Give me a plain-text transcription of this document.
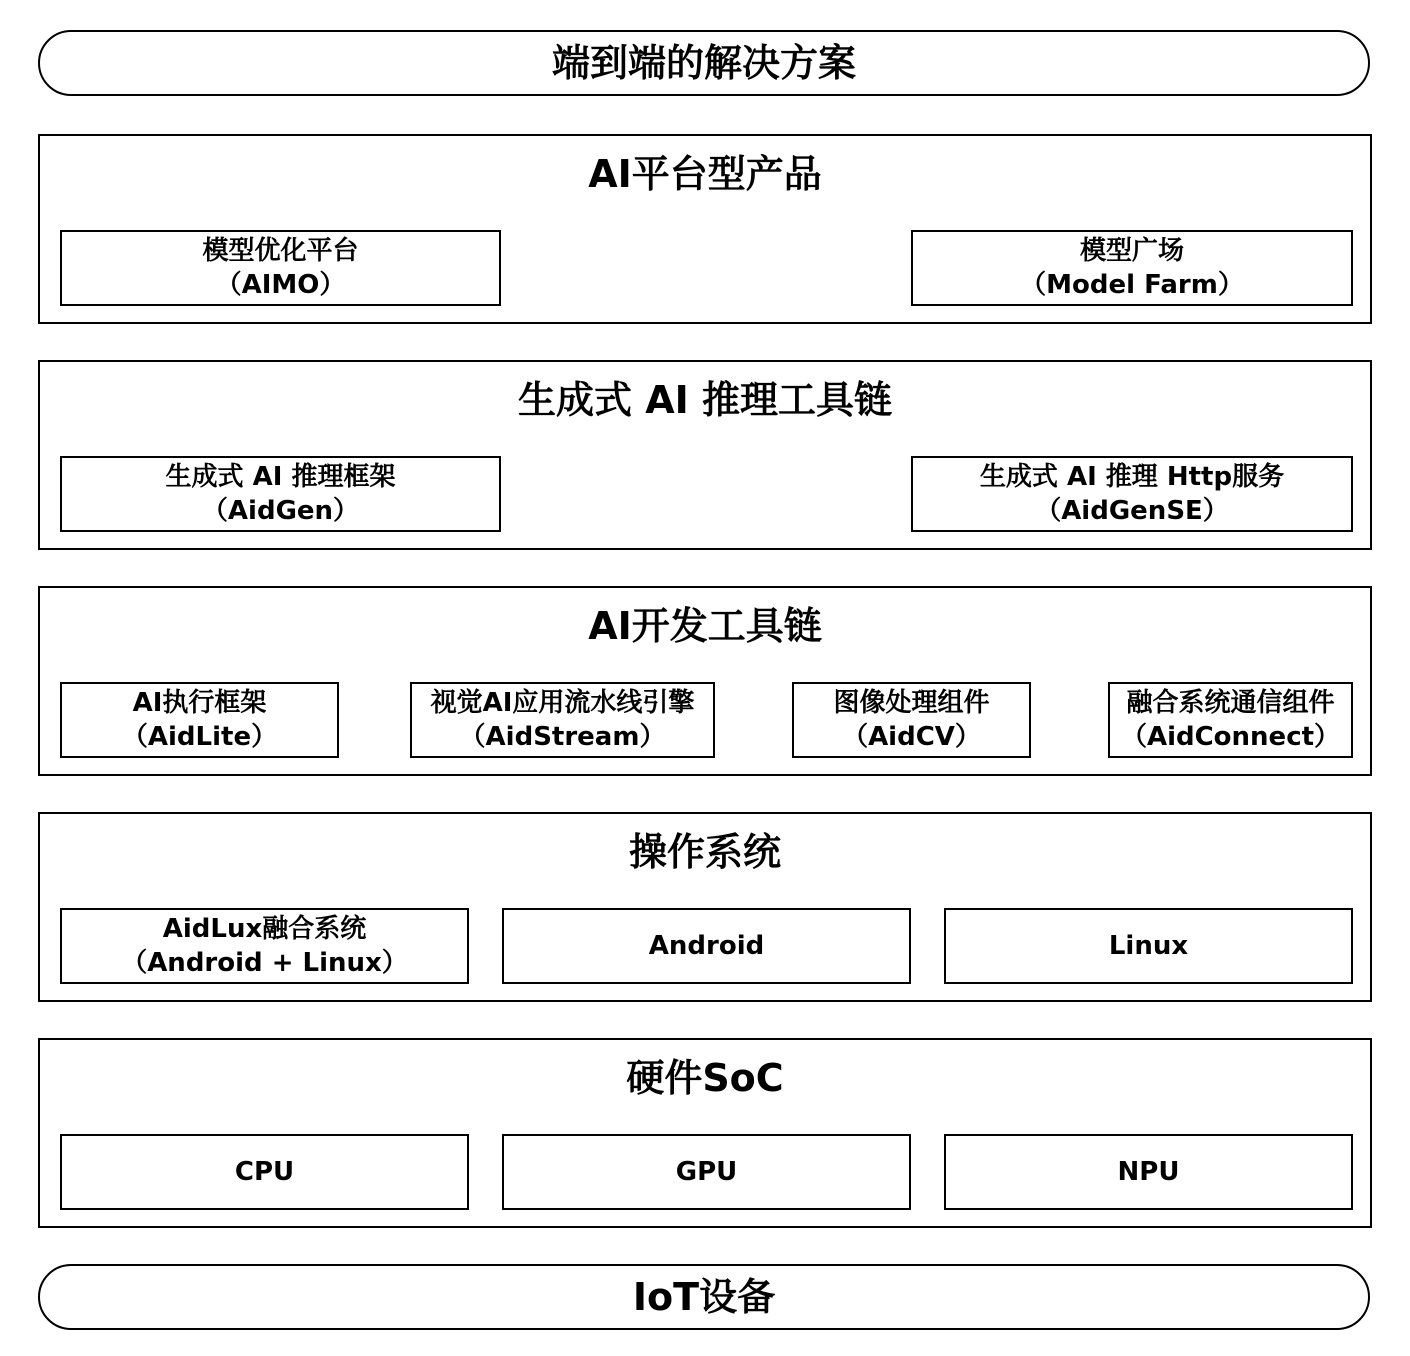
端到端的解决方案
AI平台型产品
模型优化平台
（AIMO）
模型广场
（Model Farm）
生成式 AI 推理工具链
生成式 AI 推理框架
（AidGen）
生成式 AI 推理 Http服务
（AidGenSE）
AI开发工具链
AI执行框架
（AidLite）
视觉AI应用流水线引擎
（AidStream）
图像处理组件
（AidCV）
融合系统通信组件
（AidConnect）
操作系统
AidLux融合系统
（Android + Linux）
Android	Linux
硬件SoC
CPU	GPU	NPU
IoT设备
